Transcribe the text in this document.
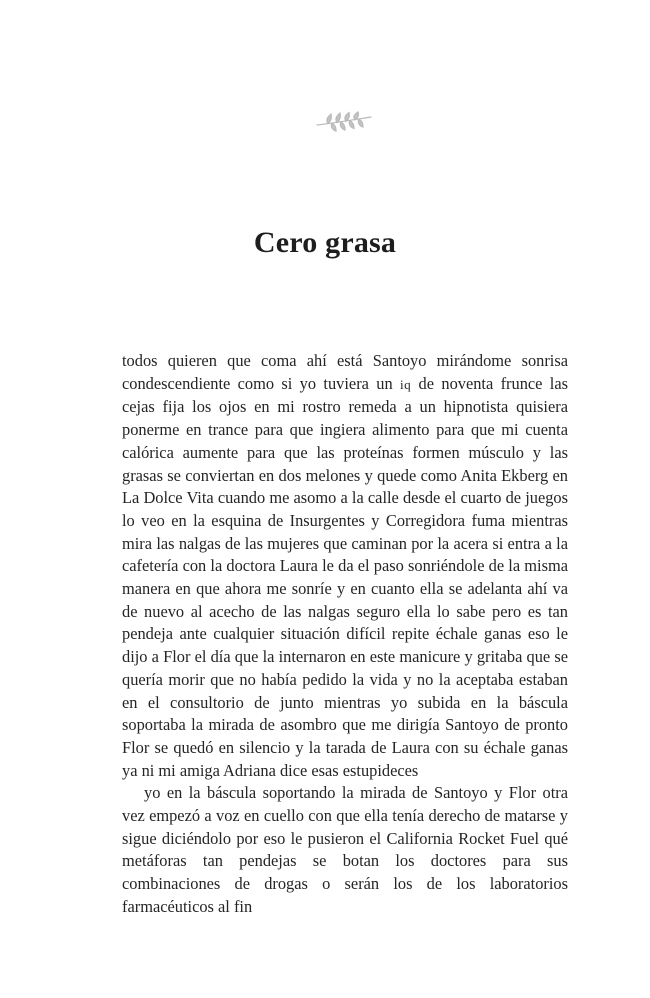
Cero grasa

todos quieren que coma ahí está Santoyo mirándome sonrisa condescendiente como si yo tuviera un iq de noventa frunce las cejas fija los ojos en mi rostro remeda a un hipnotista quisiera ponerme en trance para que ingiera alimento para que mi cuenta calórica aumente para que las proteínas formen músculo y las grasas se conviertan en dos melones y quede como Anita Ekberg en La Dolce Vita cuando me asomo a la calle desde el cuarto de juegos lo veo en la esquina de Insurgentes y Corregidora fuma mientras mira las nalgas de las mujeres que caminan por la acera si entra a la cafetería con la doctora Laura le da el paso sonriéndole de la misma manera en que ahora me sonríe y en cuanto ella se adelanta ahí va de nuevo al acecho de las nalgas seguro ella lo sabe pero es tan pendeja ante cualquier situación difícil repite échale ganas eso le dijo a Flor el día que la internaron en este manicure y gritaba que se quería morir que no había pedido la vida y no la aceptaba estaban en el consultorio de junto mientras yo subida en la báscula soportaba la mirada de asombro que me dirigía Santoyo de pronto Flor se quedó en silencio y la tarada de Laura con su échale ganas ya ni mi amiga Adriana dice esas estupideces

yo en la báscula soportando la mirada de Santoyo y Flor otra vez empezó a voz en cuello con que ella tenía derecho de matarse y sigue diciéndolo por eso le pusieron el California Rocket Fuel qué metáforas tan pendejas se botan los doctores para sus combinaciones de drogas o serán los de los laboratorios farmacéuticos al fin
